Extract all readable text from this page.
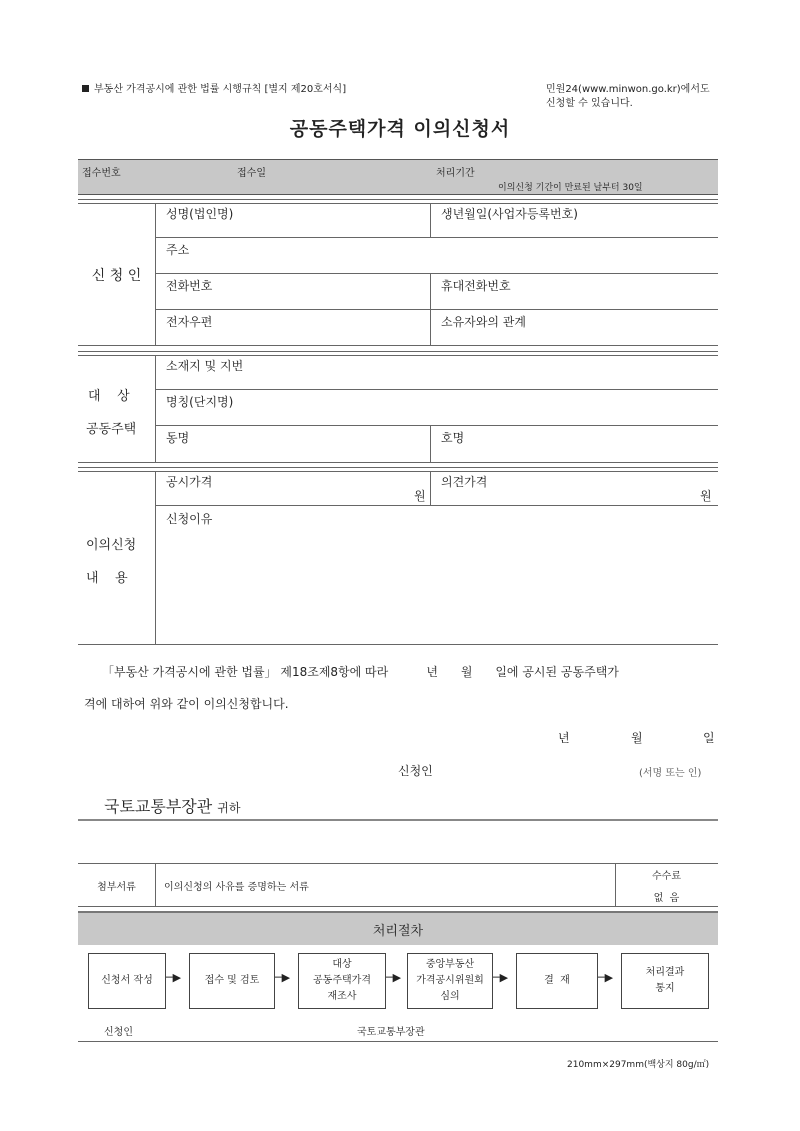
부동산 가격공시에 관한 법률 시행규칙 [별지 제20호서식]	민원24(www.minwon.go.kr)에서도
신청할 수 있습니다.
공동주택가격 이의신청서
접수번호	접수일	처리기간
이의신청 기간이 만료된 날부터 30일
신 청 인
성명(법인명)	생년월일(사업자등록번호)
주소
전화번호	휴대전화번호
전자우편	소유자와의 관계
대    상
공동주택
소재지 및 지번
명칭(단지명)
동명	호명
이의신청
내    용
공시가격
원
의견가격
원
신청이유
「부동산 가격공시에 관한 법률」 제18조제8항에 따라          년      월      일에 공시된 공동주택가
격에 대하여 위와 같이 이의신청합니다.
년	월	일
신청인	(서명 또는 인)
국토교통부장관 귀하
첨부서류	이의신청의 사유를 증명하는 서류
수수료
없  음
처리절차
신청서 작성	─▶	접수 및 검토	─▶
대상
공동주택가격
재조사
─▶
중앙부동산
가격공시위원회
심의
─▶	결  재	─▶	처리결과
통지
신청인	국토교통부장관
210mm×297mm(백상지 80g/㎡)
